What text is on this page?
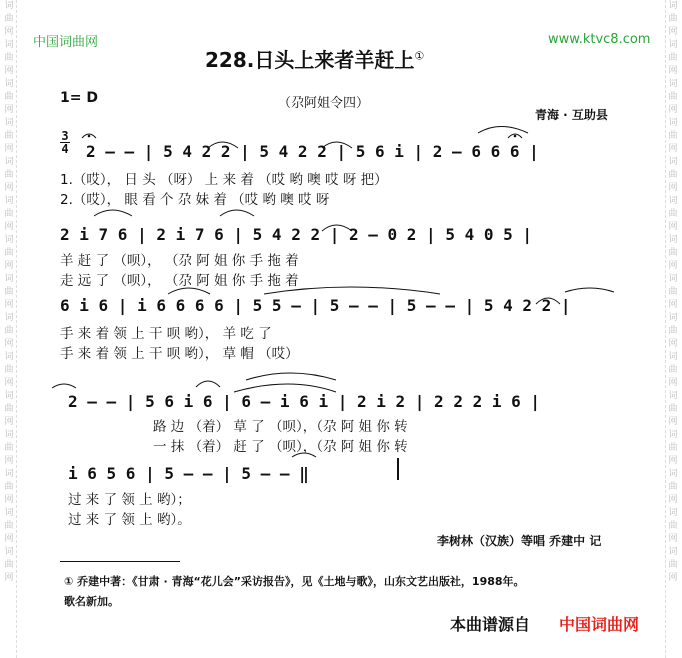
词曲网词曲网词曲网词曲网词曲网词曲网词曲网词曲网词曲网词曲网词曲网词曲网词曲网词曲网词曲网
词曲网词曲网词曲网词曲网词曲网词曲网词曲网词曲网词曲网词曲网词曲网词曲网词曲网词曲网词曲网
中国词曲网	www.ktvc8.com
228.日头上来者羊赶上①
1= D	（尕阿姐令四）
青海 · 互助县
3
4 2 — — | 5 4 2 2 | 5 4 2 2 | 5 6 i | 2 — 6 6 6 |
1.（哎）， 日 头 （呀） 上 来 着 （哎 哟 噢 哎 呀 把）
2.（哎）， 眼 看 个 尕 妹 着 （哎 哟 噢 哎 呀
2 i 7 6 | 2 i 7 6 | 5 4 2 2 | 2 — 0 2 | 5 4 0 5 |
羊 赶 了 （呗）， （尕 阿 姐 你 手 拖 着
走 远 了 （呗）， （尕 阿 姐 你 手 拖 着
6 i 6 | i 6 6 6 6 | 5 5 — | 5 — — | 5 — — | 5 4 2 2 |
手 来 着 领 上 干 呗 哟）， 羊 吃 了
手 来 着 领 上 干 呗 哟）， 草 帽 （哎）
2 — — | 5 6 i 6 | 6 — i 6 i | 2 i 2 | 2 2 2 i 6 |
路 边 （着） 草 了 （呗），（尕 阿 姐 你 转
一 抹 （着） 赶 了 （呗），（尕 阿 姐 你 转
i 6 5 6 | 5 — — | 5 — — ‖
过 来 了 领 上 哟）；
过 来 了 领 上 哟）。
李树林（汉族）等唱 乔建中 记
① 乔建中著：《甘肃 · 青海“花儿会”采访报告》，见《土地与歌》，山东文艺出版社，1988年。
歌名新加。
本曲谱源自 中国词曲网
